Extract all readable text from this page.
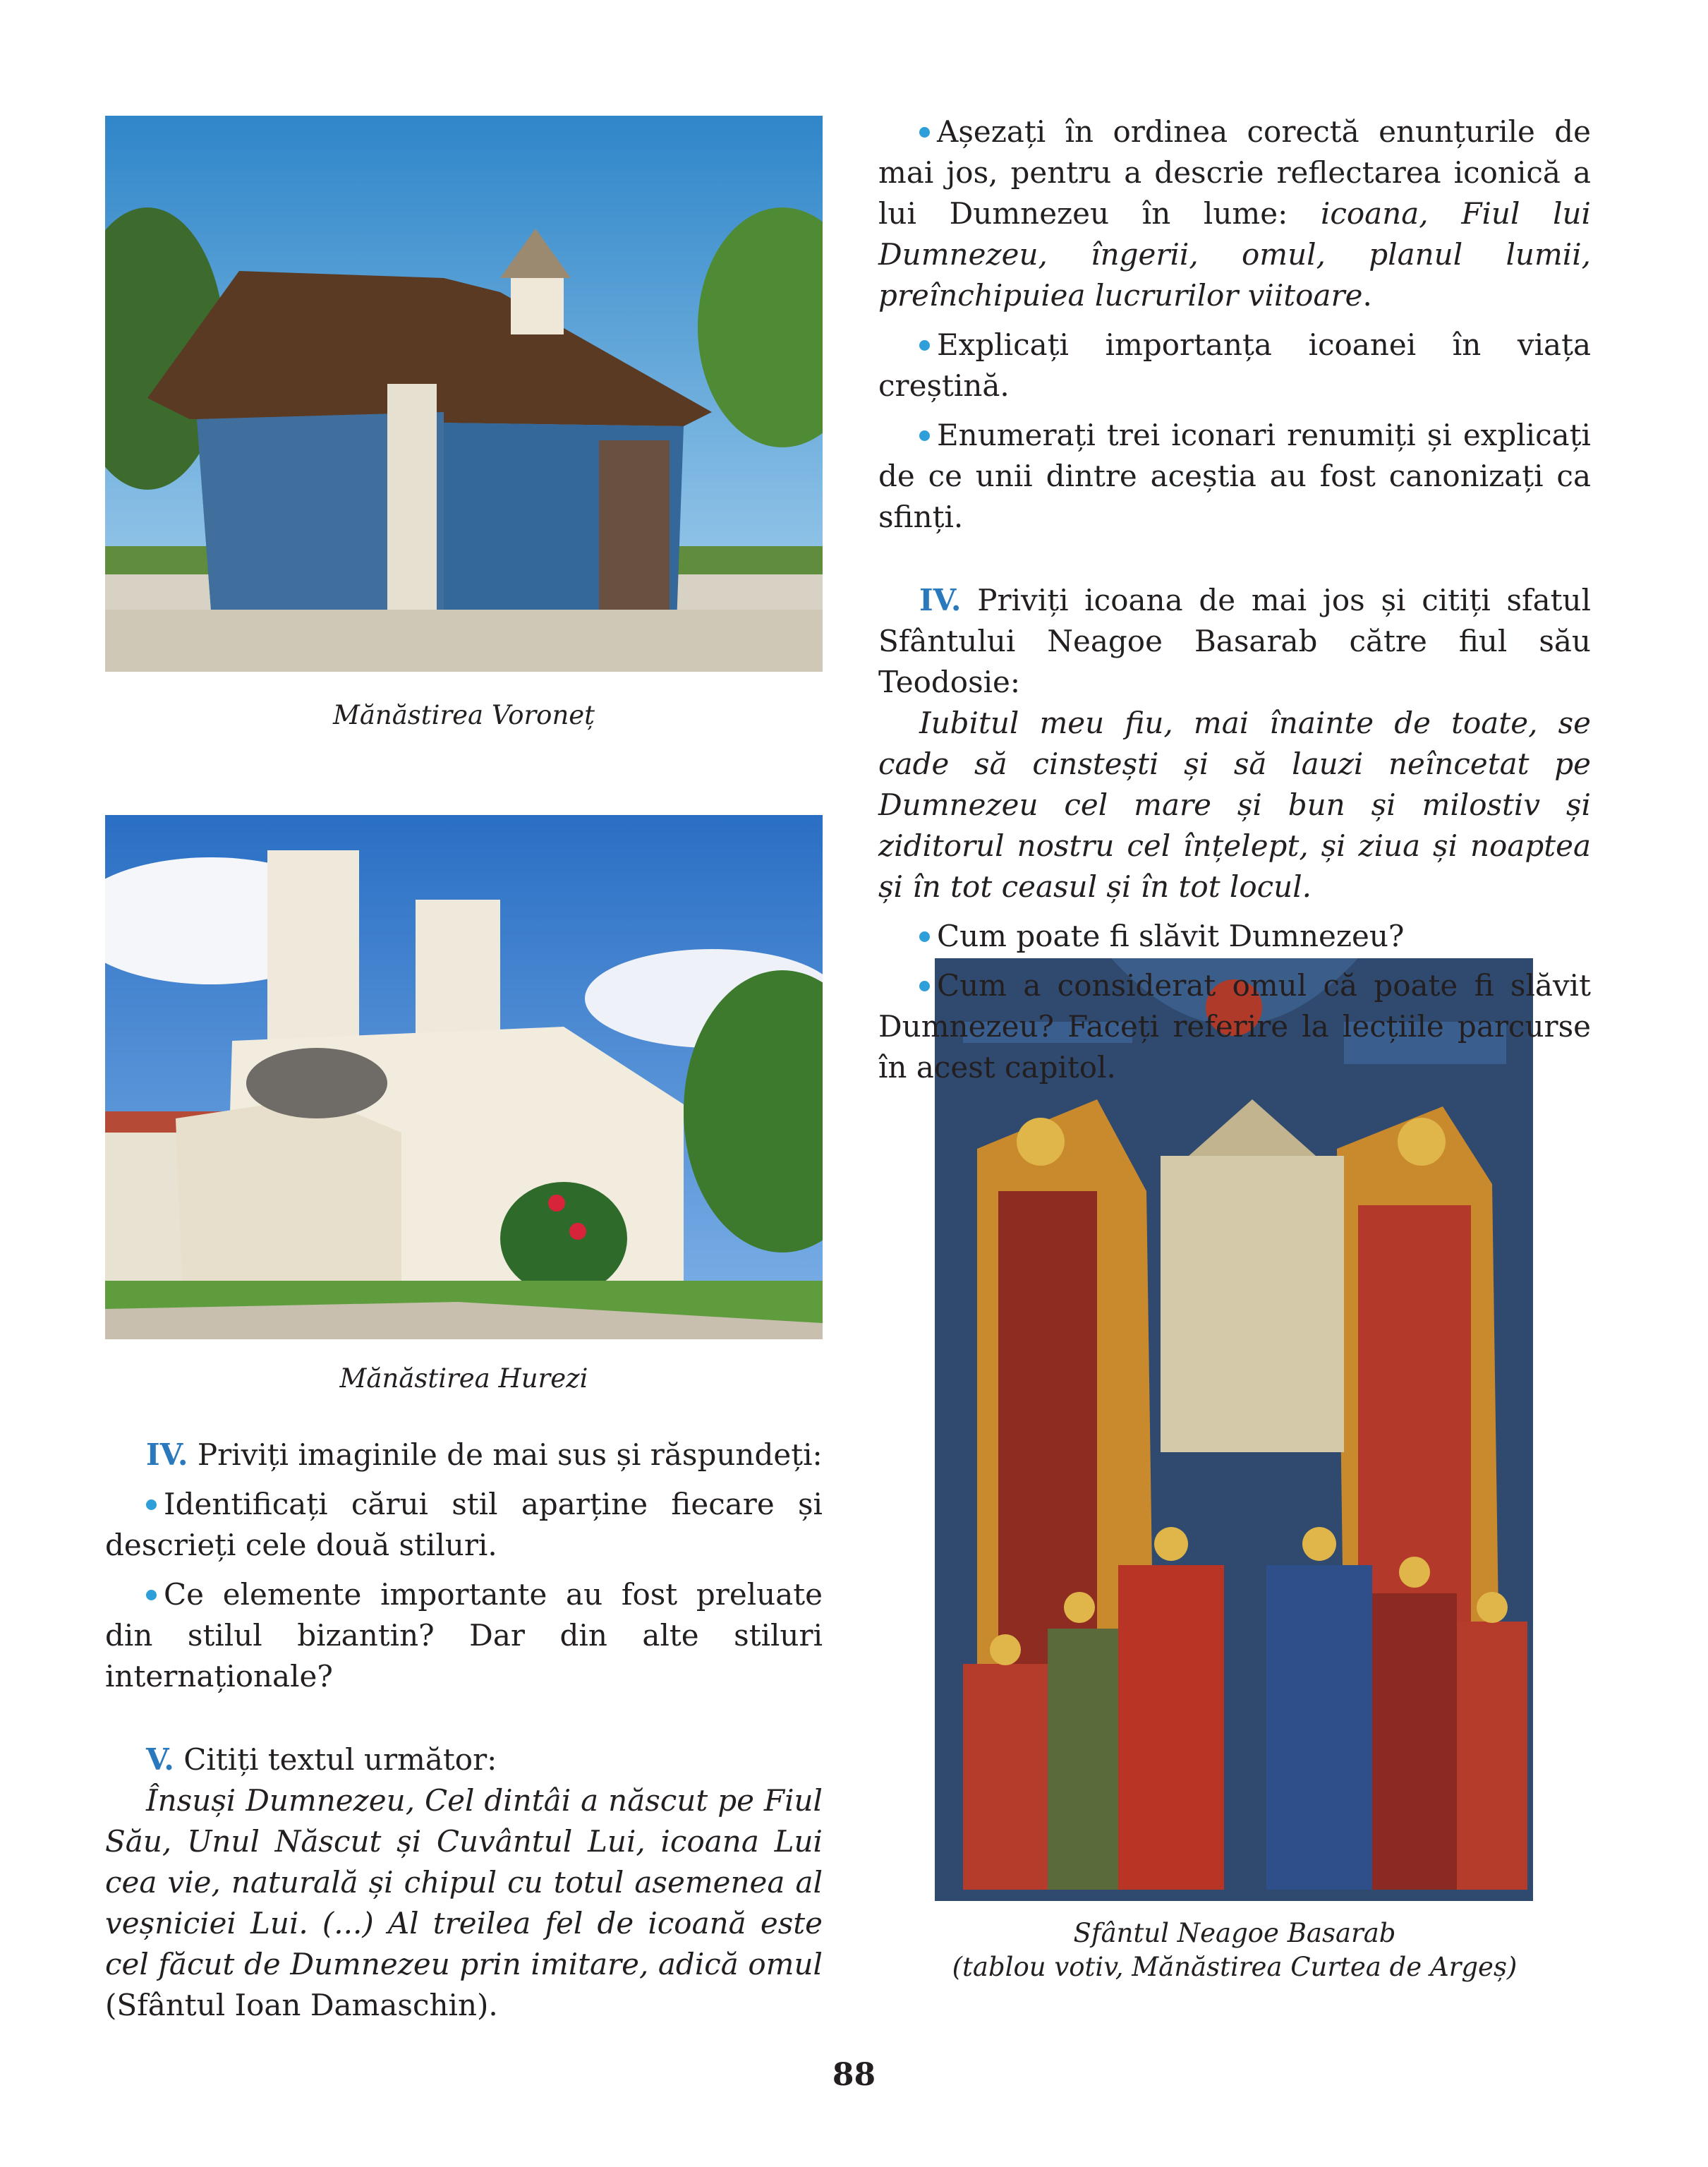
Mănăstirea Voroneț
Mănăstirea Hurezi
Sfântul Neagoe Basarab
(tablou votiv, Mănăstirea Curtea de Argeș)

Așezați în ordinea corectă enunțurile de mai jos, pentru a descrie reflectarea iconică a lui Dumnezeu în lume: icoana, Fiul lui Dumnezeu, îngerii, omul, planul lumii, preînchipuiea lucrurilor viitoare.

Explicați importanța icoanei în viața creștină.

Enumerați trei iconari renumiți și explicați de ce unii dintre aceștia au fost canonizați ca sfinți.

IV. Priviți icoana de mai jos și citiți sfatul Sfântului Neagoe Basarab către fiul său Teodosie:

Iubitul meu fiu, mai înainte de toate, se cade să cinstești și să lauzi neîncetat pe Dumnezeu cel mare și bun și milostiv și ziditorul nostru cel înțelept, și ziua și noaptea și în tot ceasul și în tot locul.

Cum poate fi slăvit Dumnezeu?

Cum a considerat omul că poate fi slăvit Dumnezeu? Faceți referire la lecțiile parcurse în acest capitol.

IV. Priviți imaginile de mai sus și răspundeți:

Identificați cărui stil aparține fiecare și descrieți cele două stiluri.

Ce elemente importante au fost preluate din stilul bizantin? Dar din alte stiluri internaționale?

V. Citiți textul următor:

Însuși Dumnezeu, Cel dintâi a născut pe Fiul Său, Unul Născut și Cuvântul Lui, icoana Lui cea vie, naturală și chipul cu totul asemenea al veșniciei Lui. (...) Al treilea fel de icoană este cel făcut de Dumnezeu prin imitare, adică omul (Sfântul Ioan Damaschin).

88
